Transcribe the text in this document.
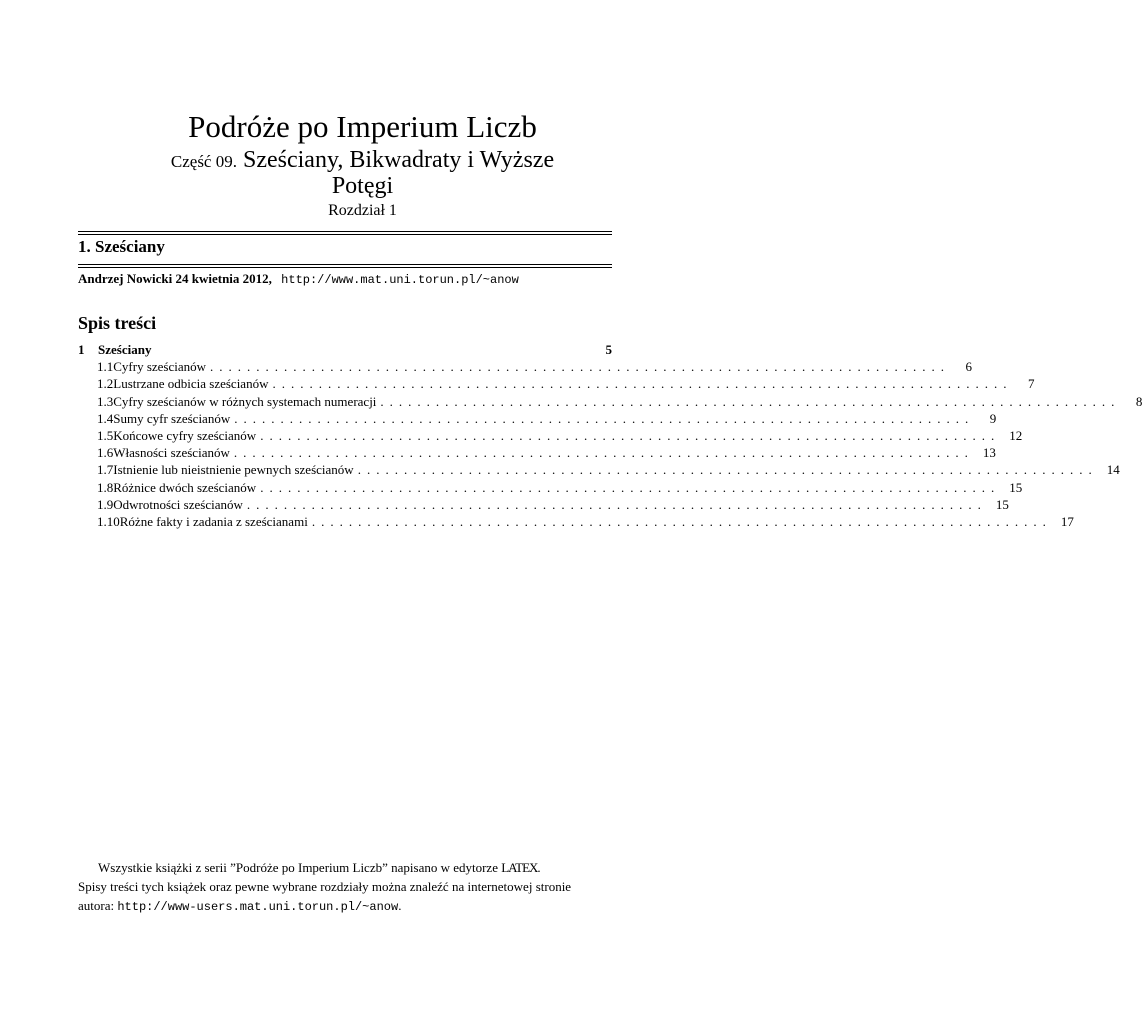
Podróże po Imperium Liczb
Część 09. Sześciany, Bikwadraty i Wyższe
Potęgi
Rozdział 1
1. Sześciany
Andrzej Nowicki 24 kwietnia 2012, http://www.mat.uni.torun.pl/~anow
Spis treści
1	Sześciany	5
1.1 Cyfry sześcianów ................................................................................	6
1.2 Lustrzane odbicia sześcianów ................................................................................	7
1.3 Cyfry sześcianów w różnych systemach numeracji ................................................................................	8
1.4 Sumy cyfr sześcianów ................................................................................	9
1.5 Końcowe cyfry sześcianów ................................................................................ 12
1.6 Własności sześcianów ................................................................................ 13
1.7 Istnienie lub nieistnienie pewnych sześcianów ................................................................................ 14
1.8 Różnice dwóch sześcianów ................................................................................ 15
1.9 Odwrotności sześcianów ................................................................................ 15
1.10 Różne fakty i zadania z sześcianami ................................................................................ 17

Wszystkie książki z serii ”Podróże po Imperium Liczb” napisano w edytorze LATEX.

Spisy treści tych książek oraz pewne wybrane rozdziały można znaleźć na internetowej stronie

autora: http://www-users.mat.uni.torun.pl/~anow.
